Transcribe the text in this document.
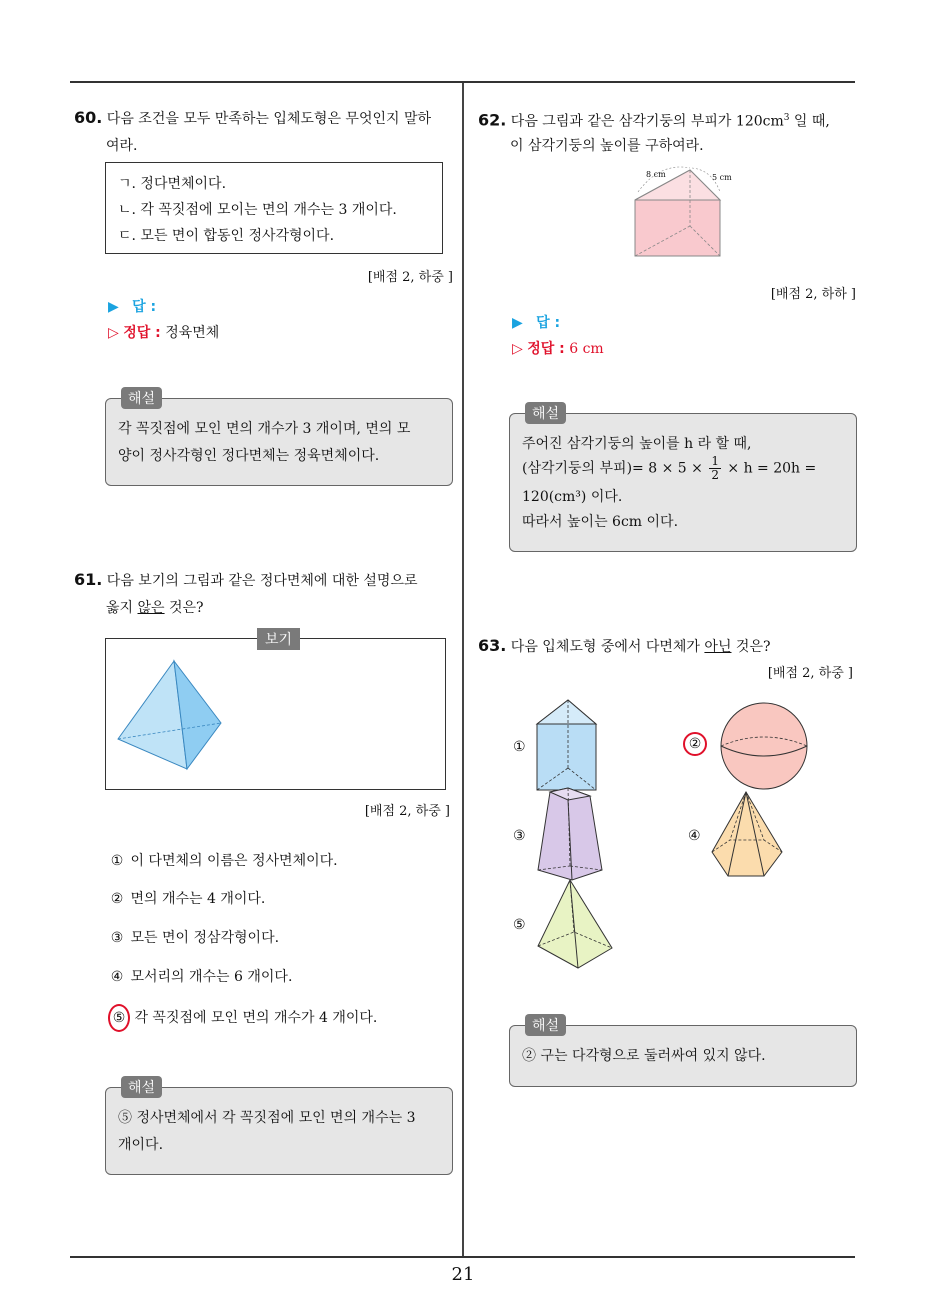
21
60. 다음 조건을 모두 만족하는 입체도형은 무엇인지 말하
여라.
ㄱ. 정다면체이다.
ㄴ. 각 꼭짓점에 모이는 면의 개수는 3 개이다.
ㄷ. 모든 면이 합동인 정사각형이다.
[배점 2, 하중 ]
▶ 답 :
▷ 정답 : 정육면체
해설
각 꼭짓점에 모인 면의 개수가 3 개이며, 면의 모
양이 정사각형인 정다면체는 정육면체이다.
61. 다음 보기의 그림과 같은 정다면체에 대한 설명으로
옳지 않은 것은?
보기
[배점 2, 하중 ]
① 이 다면체의 이름은 정사면체이다.
② 면의 개수는 4 개이다.
③ 모든 면이 정삼각형이다.
④ 모서리의 개수는 6 개이다.
⑤ 각 꼭짓점에 모인 면의 개수가 4 개이다.
해설
⑤ 정사면체에서 각 꼭짓점에 모인 면의 개수는 3
개이다.
62. 다음 그림과 같은 삼각기둥의 부피가 $120cm^3$ 일 때,
이 삼각기둥의 높이를 구하여라.
8 cm	5 cm
[배점 2, 하하 ]
▶ 답 :
▷ 정답 : 6 cm
해설
주어진 삼각기둥의 높이를 h 라 할 때,
(삼각기둥의 부피)= $8 \times 5 \times \frac{1}{2} \times h = 20h$ =
120(cm³) 이다.
따라서 높이는 6cm 이다.
63. 다음 입체도형 중에서 다면체가 아닌 것은?
[배점 2, 하중 ]
①	②
③	④
⑤
해설
② 구는 다각형으로 둘러싸여 있지 않다.
